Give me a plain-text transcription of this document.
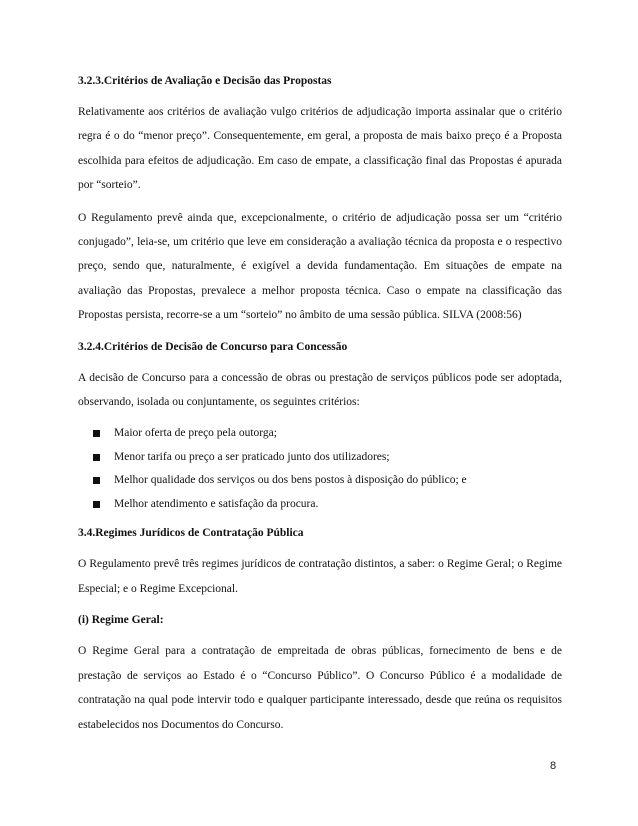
3.2.3.Critérios de Avaliação e Decisão das Propostas

Relativamente aos critérios de avaliação vulgo critérios de adjudicação importa assinalar que o critério regra é o do “menor preço”. Consequentemente, em geral, a proposta de mais baixo preço é a Proposta escolhida para efeitos de adjudicação. Em caso de empate, a classificação final das Propostas é apurada por “sorteio”.

O Regulamento prevê ainda que, excepcionalmente, o critério de adjudicação possa ser um “critério conjugado”, leia-se, um critério que leve em consideração a avaliação técnica da proposta e o respectivo preço, sendo que, naturalmente, é exigível a devida fundamentação. Em situações de empate na avaliação das Propostas, prevalece a melhor proposta técnica. Caso o empate na classificação das Propostas persista, recorre-se a um “sorteio” no âmbito de uma sessão pública. SILVA (2008:56)

3.2.4.Critérios de Decisão de Concurso para Concessão

A decisão de Concurso para a concessão de obras ou prestação de serviços públicos pode ser adoptada, observando, isolada ou conjuntamente, os seguintes critérios:

Maior oferta de preço pela outorga;
Menor tarifa ou preço a ser praticado junto dos utilizadores;
Melhor qualidade dos serviços ou dos bens postos à disposição do público; e
Melhor atendimento e satisfação da procura.
3.4.Regimes Jurídicos de Contratação Pública

O Regulamento prevê três regimes jurídicos de contratação distintos, a saber: o Regime Geral; o Regime Especial; e o Regime Excepcional.

(i) Regime Geral:

O Regime Geral para a contratação de empreitada de obras públicas, fornecimento de bens e de prestação de serviços ao Estado é o “Concurso Público”. O Concurso Público é a modalidade de contratação na qual pode intervir todo e qualquer participante interessado, desde que reúna os requisitos estabelecidos nos Documentos do Concurso.

8
